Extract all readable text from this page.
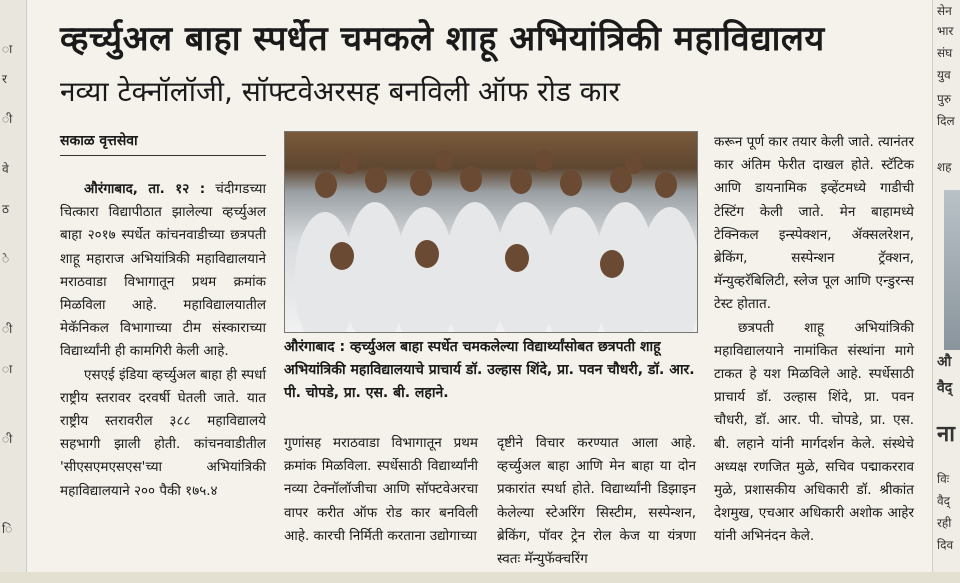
ा
र
ी
वे
ठ
े
ी
ा
ी
ि
व्हर्च्युअल बाहा स्पर्धेत चमकले शाहू अभियांत्रिकी महाविद्यालय
नव्या टेक्नॉलॉजी, सॉफ्टवेअरसह बनविली ऑफ रोड कार
सकाळ वृत्तसेवा

औरंगाबाद, ता. १२ : चंदीगडच्या चित्कारा विद्यापीठात झालेल्या व्हर्च्युअल बाहा २०१७ स्पर्धेत कांचनवाडीच्या छत्रपती शाहू महाराज अभियांत्रिकी महाविद्यालयाने मराठवाडा विभागातून प्रथम क्रमांक मिळविला आहे. महाविद्यालयातील मेकॅनिकल विभागाच्या टीम संस्काराच्या विद्यार्थ्यांनी ही कामगिरी केली आहे.

एसएई इंडिया व्हर्च्युअल बाहा ही स्पर्धा राष्ट्रीय स्तरावर दरवर्षी घेतली जाते. यात राष्ट्रीय स्तरावरील ३८८ महाविद्यालये सहभागी झाली होती. कांचनवाडीतील 'सीएसएमएसएस'च्या अभियांत्रिकी महाविद्यालयाने २०० पैकी १७५.४

औरंगाबाद : व्हर्च्युअल बाहा स्पर्धेत चमकलेल्या विद्यार्थ्यांसोबत छत्रपती शाहू अभियांत्रिकी महाविद्यालयाचे प्राचार्य डॉ. उल्हास शिंदे, प्रा. पवन चौधरी, डॉ. आर. पी. चोपडे, प्रा. एस. बी. लहाने.

गुणांसह मराठवाडा विभागातून प्रथम क्रमांक मिळविला. स्पर्धेसाठी विद्यार्थ्यांनी नव्या टेक्नॉलॉजीचा आणि सॉफ्टवेअरचा वापर करीत ऑफ रोड कार बनविली आहे. कारची निर्मिती करताना उद्योगाच्या

दृष्टीने विचार करण्यात आला आहे. व्हर्च्युअल बाहा आणि मेन बाहा या दोन प्रकारांत स्पर्धा होते. विद्यार्थ्यांनी डिझाइन केलेल्या स्टेअरिंग सिस्टीम, सस्पेन्शन, ब्रेकिंग, पॉवर ट्रेन रोल केज या यंत्रणा स्वतः मॅन्युफॅक्चरिंग

करून पूर्ण कार तयार केली जाते. त्यानंतर कार अंतिम फेरीत दाखल होते. स्टॅटिक आणि डायनामिक इव्हेंटमध्ये गाडीची टेस्टिंग केली जाते. मेन बाहामध्ये टेक्निकल इन्स्पेक्शन, ॲक्सलरेशन, ब्रेकिंग, सस्पेन्शन ट्रॅक्शन, मॅन्युव्हरॅबिलिटी, स्लेज पूल आणि एन्डुरन्स टेस्ट होतात.

छत्रपती शाहू अभियांत्रिकी महाविद्यालयाने नामांकित संस्थांना मागे टाकत हे यश मिळविले आहे. स्पर्धेसाठी प्राचार्य डॉ. उल्हास शिंदे, प्रा. पवन चौधरी, डॉ. आर. पी. चोपडे, प्रा. एस. बी. लहाने यांनी मार्गदर्शन केले. संस्थेचे अध्यक्ष रणजित मुळे, सचिव पद्माकरराव मुळे, प्रशासकीय अधिकारी डॉ. श्रीकांत देशमुख, एचआर अधिकारी अशोक आहेर यांनी अभिनंदन केले.

सेन
भार
संघ
युव
पुरु
दिल
शह
औ
वैद्
ना
विः
वैद्
रही
दिव
